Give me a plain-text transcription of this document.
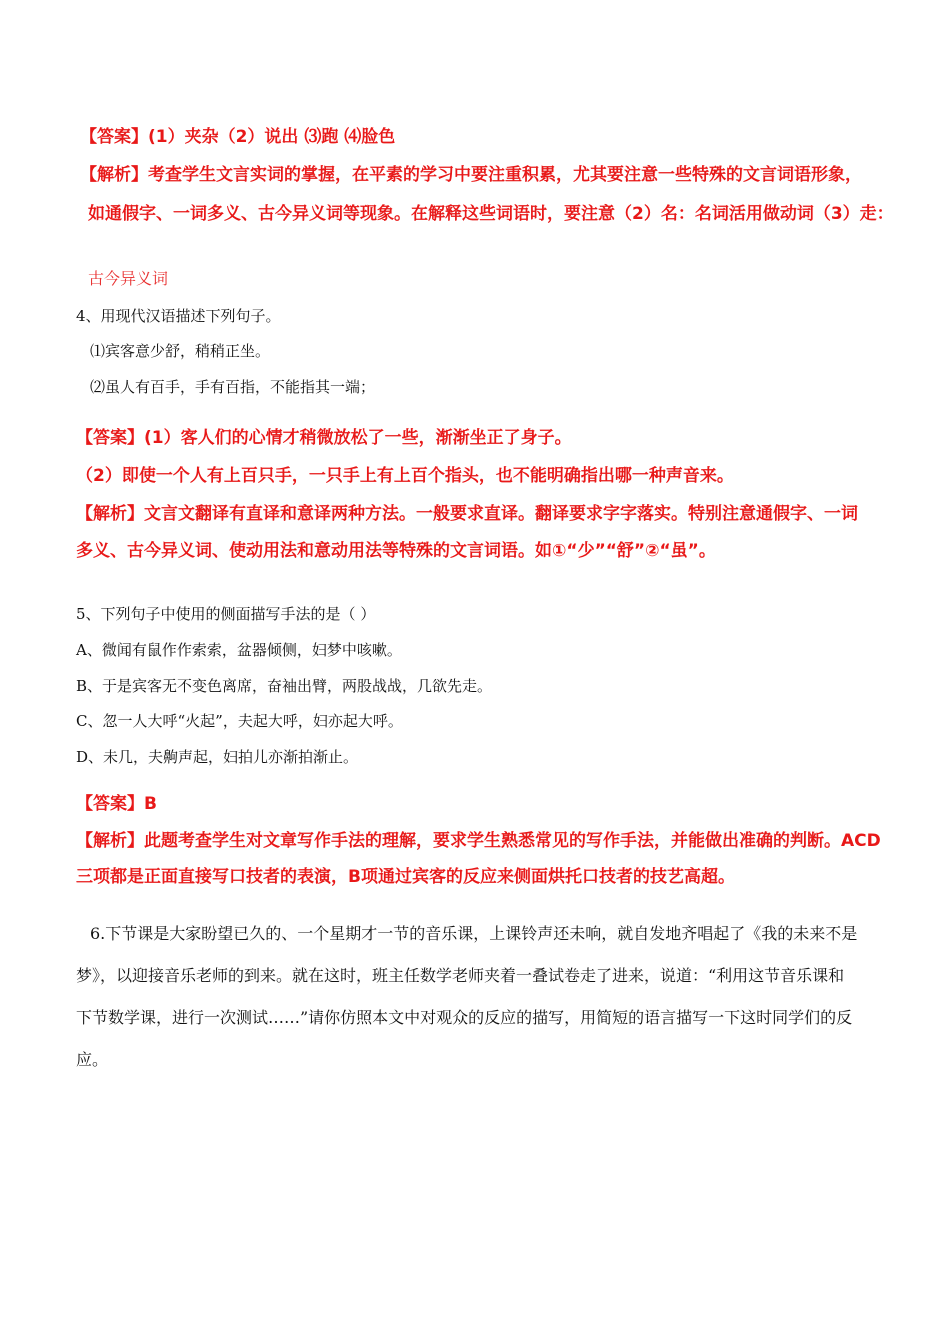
【答案】(1）夹杂（2）说出 ⑶跑 ⑷脸色
【解析】考查学生文言实词的掌握，在平素的学习中要注重积累，尤其要注意一些特殊的文言词语形象，
如通假字、一词多义、古今异义词等现象。在解释这些词语时，要注意（2）名：名词活用做动词（3）走：
古今异义词
4、用现代汉语描述下列句子。
⑴宾客意少舒，稍稍正坐。
⑵虽人有百手，手有百指，不能指其一端；
【答案】(1）客人们的心情才稍微放松了一些，渐渐坐正了身子。
（2）即使一个人有上百只手，一只手上有上百个指头，也不能明确指出哪一种声音来。
【解析】文言文翻译有直译和意译两种方法。一般要求直译。翻译要求字字落实。特别注意通假字、一词
多义、古今异义词、使动用法和意动用法等特殊的文言词语。如①“少”“舒”②“虽”。
5、下列句子中使用的侧面描写手法的是（ ）
A、微闻有鼠作作索索，盆器倾侧，妇梦中咳嗽。
B、于是宾客无不变色离席，奋袖出臂，两股战战，几欲先走。
C、忽一人大呼“火起”，夫起大呼，妇亦起大呼。
D、未几，夫齁声起，妇拍儿亦渐拍渐止。
【答案】B
【解析】此题考查学生对文章写作手法的理解，要求学生熟悉常见的写作手法，并能做出准确的判断。ACD
三项都是正面直接写口技者的表演，B项通过宾客的反应来侧面烘托口技者的技艺高超。
6.下节课是大家盼望已久的、一个星期才一节的音乐课，上课铃声还未响，就自发地齐唱起了《我的未来不是
梦》，以迎接音乐老师的到来。就在这时，班主任数学老师夹着一叠试卷走了进来，说道：“利用这节音乐课和
下节数学课，进行一次测试……”请你仿照本文中对观众的反应的描写，用简短的语言描写一下这时同学们的反
应。
